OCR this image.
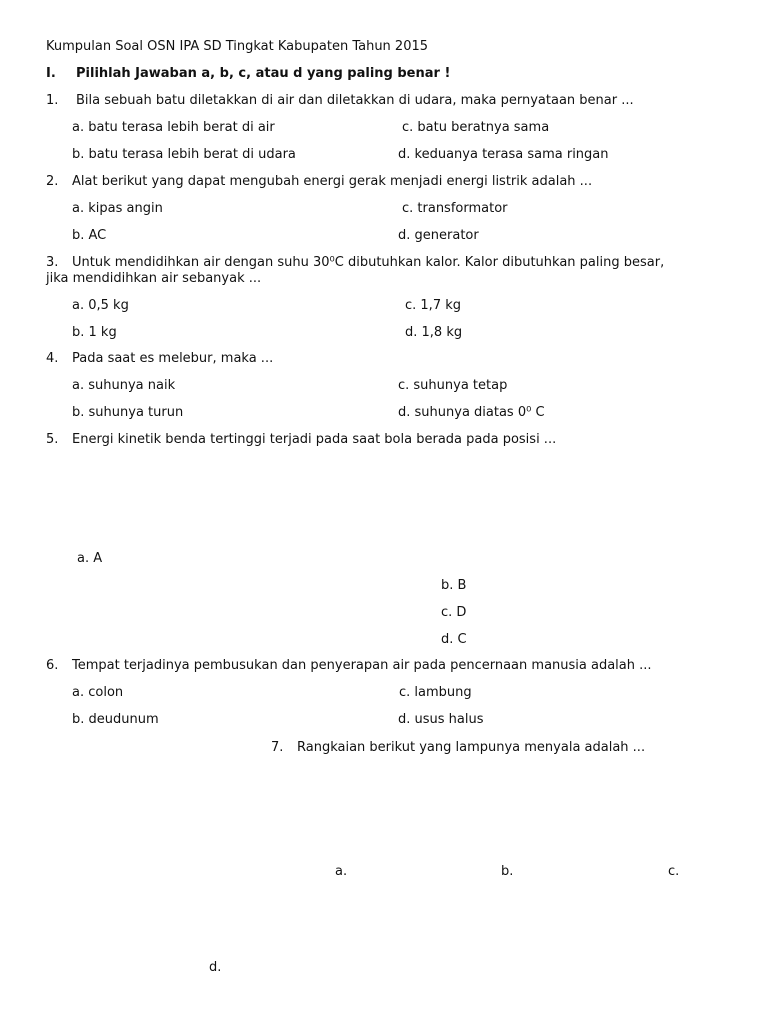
Kumpulan Soal OSN IPA SD Tingkat Kabupaten Tahun 2015
I. Pilihlah Jawaban a, b, c, atau d yang paling benar !
1. Bila sebuah batu diletakkan di air dan diletakkan di udara, maka pernyataan benar ...
a. batu terasa lebih berat di air	c. batu beratnya sama
b. batu terasa lebih berat di udara	d. keduanya terasa sama ringan
2. Alat berikut yang dapat mengubah energi gerak menjadi energi listrik adalah ...
a. kipas angin	c. transformator
b. AC	d. generator
3. Untuk mendidihkan air dengan suhu 30⁰C dibutuhkan kalor. Kalor dibutuhkan paling besar,
jika mendidihkan air sebanyak ...
a. 0,5 kg	c. 1,7 kg
b. 1 kg	d. 1,8 kg
4. Pada saat es melebur, maka ...
a. suhunya naik	c. suhunya tetap
b. suhunya turun	d. suhunya diatas 0⁰ C
5. Energi kinetik benda tertinggi terjadi pada saat bola berada pada posisi ...
a. A
b. B
c. D
d. C
6. Tempat terjadinya pembusukan dan penyerapan air pada pencernaan manusia adalah ...
a. colon	c. lambung
b. deudunum	d. usus halus
7. Rangkaian berikut yang lampunya menyala adalah ...
a.	b.	c.
d.
